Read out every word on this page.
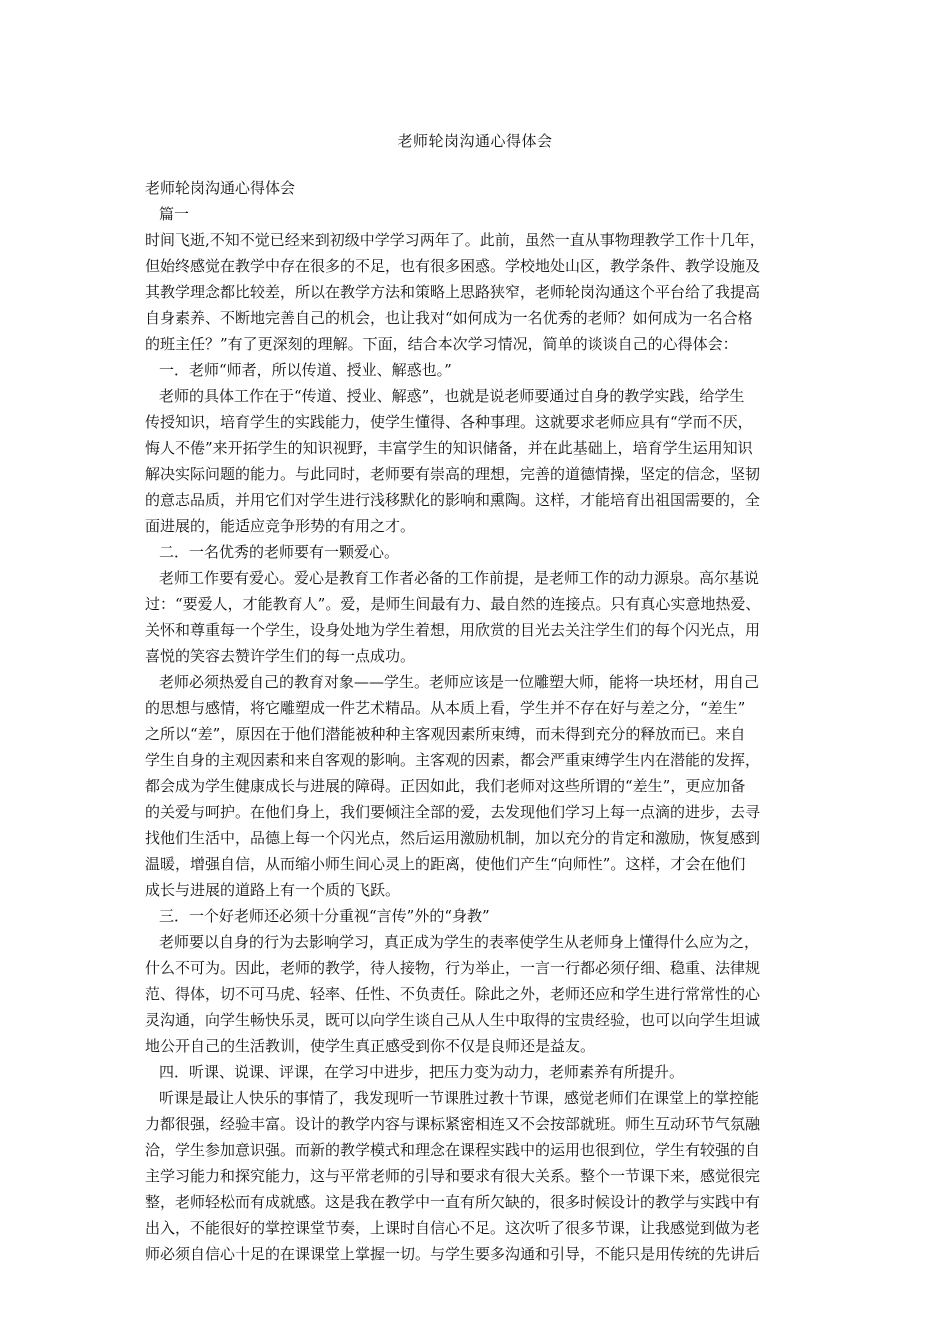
老师轮岗沟通心得体会
老师轮岗沟通心得体会
篇一
时间飞逝,不知不觉已经来到初级中学学习两年了。此前，虽然一直从事物理教学工作十几年，
但始终感觉在教学中存在很多的不足，也有很多困惑。学校地处山区，教学条件、教学设施及
其教学理念都比较差，所以在教学方法和策略上思路狭窄，老师轮岗沟通这个平台给了我提高
自身素养、不断地完善自己的机会，也让我对“如何成为一名优秀的老师？如何成为一名合格
的班主任？”有了更深刻的理解。下面，结合本次学习情况，简单的谈谈自己的心得体会：
一．老师“师者，所以传道、授业、解惑也。”
老师的具体工作在于“传道、授业、解惑”，也就是说老师要通过自身的教学实践，给学生
传授知识，培育学生的实践能力，使学生懂得、各种事理。这就要求老师应具有“学而不厌，
悔人不倦”来开拓学生的知识视野，丰富学生的知识储备，并在此基础上，培育学生运用知识
解决实际问题的能力。与此同时，老师要有崇高的理想，完善的道德情操，坚定的信念，坚韧
的意志品质，并用它们对学生进行浅移默化的影响和熏陶。这样，才能培育出祖国需要的，全
面进展的，能适应竞争形势的有用之才。
二．一名优秀的老师要有一颗爱心。
老师工作要有爱心。爱心是教育工作者必备的工作前提，是老师工作的动力源泉。高尔基说
过：“要爱人，才能教育人”。爱，是师生间最有力、最自然的连接点。只有真心实意地热爱、
关怀和尊重每一个学生，设身处地为学生着想，用欣赏的目光去关注学生们的每个闪光点，用
喜悦的笑容去赞许学生们的每一点成功。
老师必须热爱自己的教育对象——学生。老师应该是一位雕塑大师，能将一块坯材，用自己
的思想与感情，将它雕塑成一件艺术精品。从本质上看，学生并不存在好与差之分，“差生”
之所以“差”，原因在于他们潜能被种种主客观因素所束缚，而未得到充分的释放而已。来自
学生自身的主观因素和来自客观的影响。主客观的因素，都会严重束缚学生内在潜能的发挥，
都会成为学生健康成长与进展的障碍。正因如此，我们老师对这些所谓的“差生”，更应加备
的关爱与呵护。在他们身上，我们要倾注全部的爱，去发现他们学习上每一点滴的进步，去寻
找他们生活中，品德上每一个闪光点，然后运用激励机制，加以充分的肯定和激励，恢复感到
温暖，增强自信，从而缩小师生间心灵上的距离，使他们产生“向师性”。这样，才会在他们
成长与进展的道路上有一个质的飞跃。
三．一个好老师还必须十分重视“言传”外的“身教”
老师要以自身的行为去影响学习，真正成为学生的表率使学生从老师身上懂得什么应为之，
什么不可为。因此，老师的教学，待人接物，行为举止，一言一行都必须仔细、稳重、法律规
范、得体，切不可马虎、轻率、任性、不负责任。除此之外，老师还应和学生进行常常性的心
灵沟通，向学生畅快乐灵，既可以向学生谈自己从人生中取得的宝贵经验，也可以向学生坦诚
地公开自己的生活教训，使学生真正感受到你不仅是良师还是益友。
四．听课、说课、评课，在学习中进步，把压力变为动力，老师素养有所提升。
听课是最让人快乐的事情了，我发现听一节课胜过教十节课，感觉老师们在课堂上的掌控能
力都很强，经验丰富。设计的教学内容与课标紧密相连又不会按部就班。师生互动环节气氛融
洽，学生参加意识强。而新的教学模式和理念在课程实践中的运用也很到位，学生有较强的自
主学习能力和探究能力，这与平常老师的引导和要求有很大关系。整个一节课下来，感觉很完
整，老师轻松而有成就感。这是我在教学中一直有所欠缺的，很多时候设计的教学与实践中有
出入，不能很好的掌控课堂节奏，上课时自信心不足。这次听了很多节课，让我感觉到做为老
师必须自信心十足的在课课堂上掌握一切。与学生要多沟通和引导，不能只是用传统的先讲后
